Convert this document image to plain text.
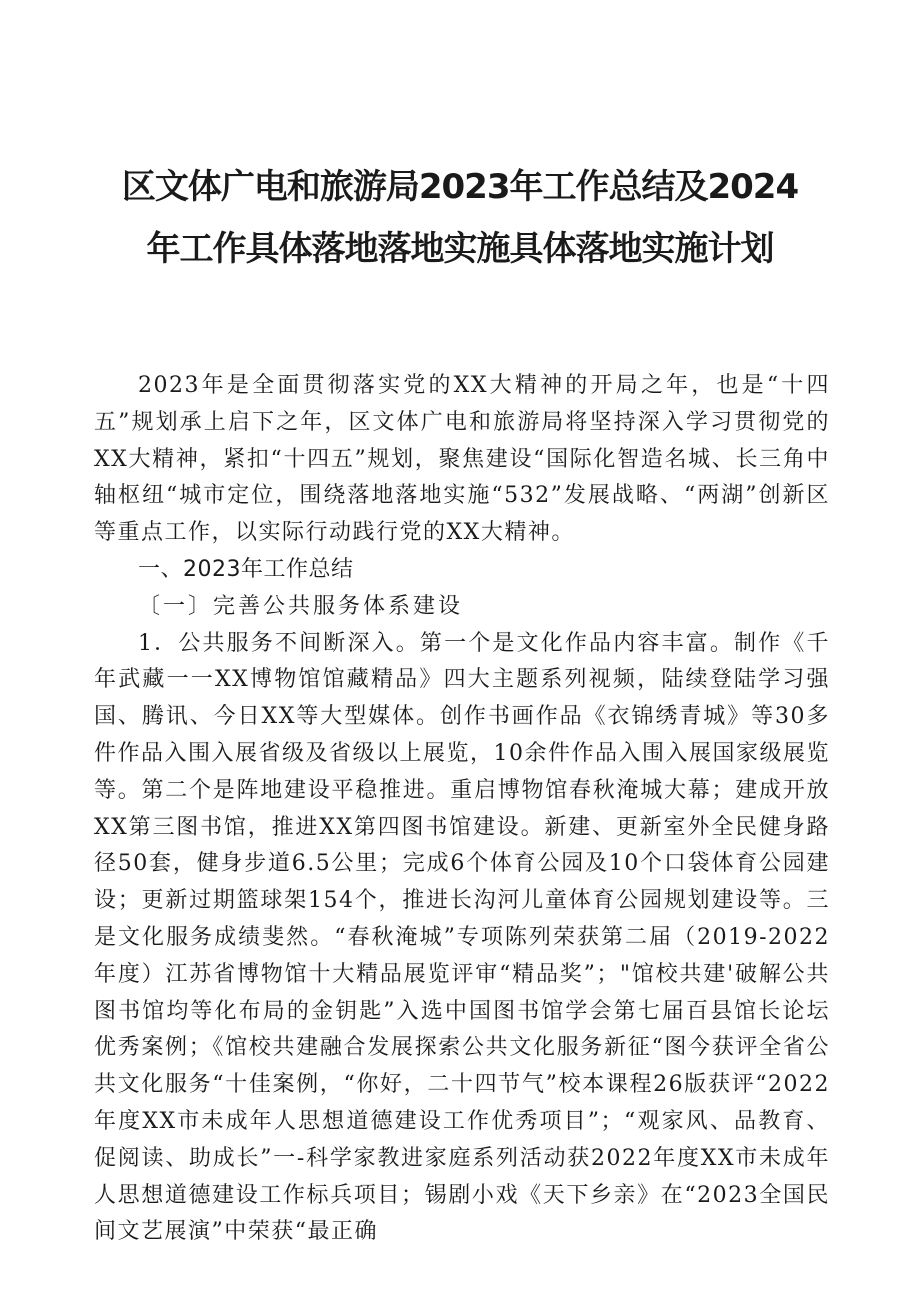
区文体广电和旅游局2023年工作总结及2024
年工作具体落地落地实施具体落地实施计划

2023年是全面贯彻落实党的XX大精神的开局之年，也是“十四五”规划承上启下之年，区文体广电和旅游局将坚持深入学习贯彻党的XX大精神，紧扣“十四五”规划，聚焦建设“国际化智造名城、长三角中轴枢纽“城市定位，围绕落地落地实施“532”发展战略、“两湖”创新区等重点工作，以实际行动践行党的XX大精神。

一、2023年工作总结

〔一〕完善公共服务体系建设

1．公共服务不间断深入。第一个是文化作品内容丰富。制作《千年武藏一一XX博物馆馆藏精品》四大主题系列视频，陆续登陆学习强国、腾讯、今日XX等大型媒体。创作书画作品《衣锦绣青城》等30多件作品入围入展省级及省级以上展览，10余件作品入围入展国家级展览等。第二个是阵地建设平稳推进。重启博物馆春秋淹城大幕；建成开放XX第三图书馆，推进XX第四图书馆建设。新建、更新室外全民健身路径50套，健身步道6.5公里；完成6个体育公园及10个口袋体育公园建设；更新过期篮球架154个，推进长沟河儿童体育公园规划建设等。三是文化服务成绩斐然。“春秋淹城”专项陈列荣获第二届（2019-2022年度）江苏省博物馆十大精品展览评审“精品奖”；"馆校共建'破解公共图书馆均等化布局的金钥匙”入选中国图书馆学会第七届百县馆长论坛优秀案例；《馆校共建融合发展探索公共文化服务新征“图今获评全省公共文化服务“十佳案例，“你好，二十四节气”校本课程26版获评“2022年度XX市未成年人思想道德建设工作优秀项目”；“观家风、品教育、促阅读、助成长”一-科学家教进家庭系列活动获2022年度XX市未成年人思想道德建设工作标兵项目；锡剧小戏《天下乡亲》在“2023全国民间文艺展演”中荣获“最正确
